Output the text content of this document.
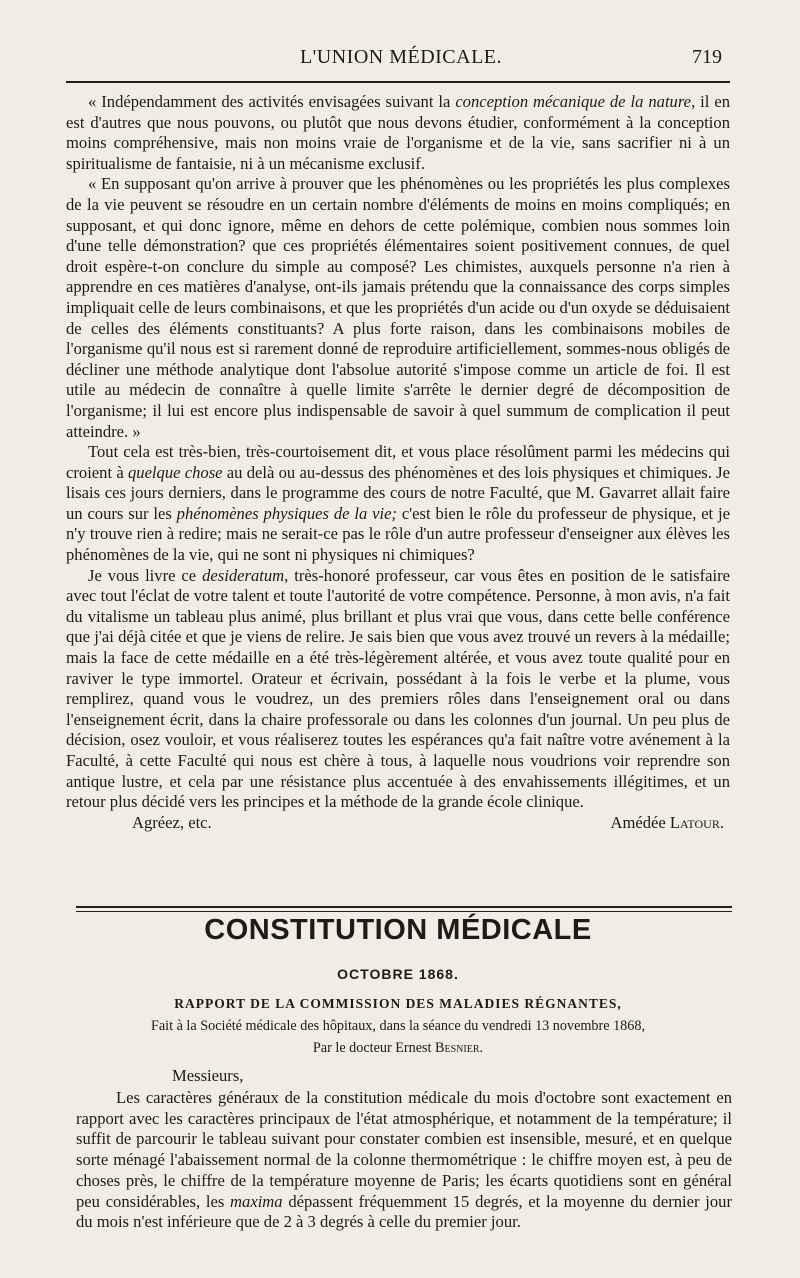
L'UNION MÉDICALE.	719

« Indépendamment des activités envisagées suivant la conception mécanique de la nature, il en est d'autres que nous pouvons, ou plutôt que nous devons étudier, conformément à la conception moins compréhensive, mais non moins vraie de l'organisme et de la vie, sans sacrifier ni à un spiritualisme de fantaisie, ni à un mécanisme exclusif.

« En supposant qu'on arrive à prouver que les phénomènes ou les propriétés les plus complexes de la vie peuvent se résoudre en un certain nombre d'éléments de moins en moins compliqués; en supposant, et qui donc ignore, même en dehors de cette polémique, combien nous sommes loin d'une telle démonstration? que ces propriétés élémentaires soient positivement connues, de quel droit espère-t-on conclure du simple au composé? Les chimistes, auxquels personne n'a rien à apprendre en ces matières d'analyse, ont-ils jamais prétendu que la connaissance des corps simples impliquait celle de leurs combinaisons, et que les propriétés d'un acide ou d'un oxyde se déduisaient de celles des éléments constituants? A plus forte raison, dans les combinaisons mobiles de l'organisme qu'il nous est si rarement donné de reproduire artificiellement, sommes-nous obligés de décliner une méthode analytique dont l'absolue autorité s'impose comme un article de foi. Il est utile au médecin de connaître à quelle limite s'arrête le dernier degré de décomposition de l'organisme; il lui est encore plus indispensable de savoir à quel summum de complication il peut atteindre. »

Tout cela est très-bien, très-courtoisement dit, et vous place résolûment parmi les médecins qui croient à quelque chose au delà ou au-dessus des phénomènes et des lois physiques et chimiques. Je lisais ces jours derniers, dans le programme des cours de notre Faculté, que M. Gavarret allait faire un cours sur les phénomènes physiques de la vie; c'est bien le rôle du professeur de physique, et je n'y trouve rien à redire; mais ne serait-ce pas le rôle d'un autre professeur d'enseigner aux élèves les phénomènes de la vie, qui ne sont ni physiques ni chimiques?

Je vous livre ce desideratum, très-honoré professeur, car vous êtes en position de le satisfaire avec tout l'éclat de votre talent et toute l'autorité de votre compétence. Personne, à mon avis, n'a fait du vitalisme un tableau plus animé, plus brillant et plus vrai que vous, dans cette belle conférence que j'ai déjà citée et que je viens de relire. Je sais bien que vous avez trouvé un revers à la médaille; mais la face de cette médaille en a été très-légèrement altérée, et vous avez toute qualité pour en raviver le type immortel. Orateur et écrivain, possédant à la fois le verbe et la plume, vous remplirez, quand vous le voudrez, un des premiers rôles dans l'enseignement oral ou dans l'enseignement écrit, dans la chaire professorale ou dans les colonnes d'un journal. Un peu plus de décision, osez vouloir, et vous réaliserez toutes les espérances qu'a fait naître votre avénement à la Faculté, à cette Faculté qui nous est chère à tous, à laquelle nous voudrions voir reprendre son antique lustre, et cela par une résistance plus accentuée à des envahissements illégitimes, et un retour plus décidé vers les principes et la méthode de la grande école clinique.

Agréez, etc.	Amédée Latour.
CONSTITUTION MÉDICALE
OCTOBRE 1868.
RAPPORT DE LA COMMISSION DES MALADIES RÉGNANTES,
Fait à la Société médicale des hôpitaux, dans la séance du vendredi 13 novembre 1868,
Par le docteur Ernest Besnier.
Messieurs,

Les caractères généraux de la constitution médicale du mois d'octobre sont exactement en rapport avec les caractères principaux de l'état atmosphérique, et notamment de la température; il suffit de parcourir le tableau suivant pour constater combien est insensible, mesuré, et en quelque sorte ménagé l'abaissement normal de la colonne thermométrique : le chiffre moyen est, à peu de choses près, le chiffre de la température moyenne de Paris; les écarts quotidiens sont en général peu considérables, les maxima dépassent fréquemment 15 degrés, et la moyenne du dernier jour du mois n'est inférieure que de 2 à 3 degrés à celle du premier jour.
